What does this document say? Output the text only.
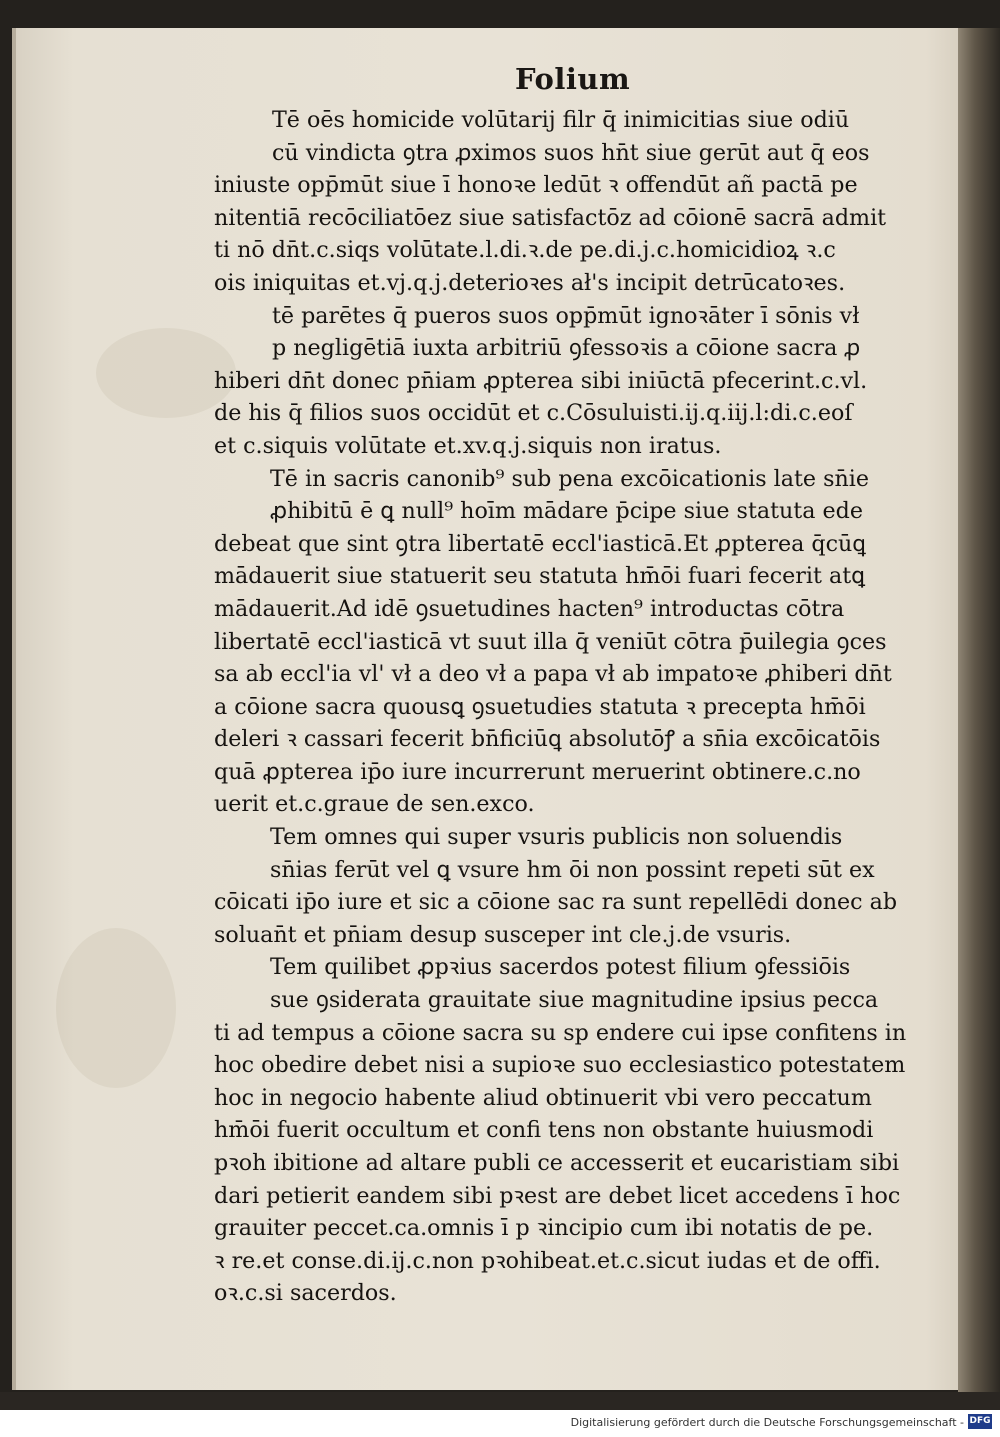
Folium
Tē oēs homicide volūtarij filr q̄ inimicitias siue odiū
cū vindicta ꝯtra ꝓximos suos hn̄t siue gerūt aut q̄ eos
iniuste opp̄mūt siue ī honoꝛe ledūt ꝛ offendūt añ pactā pe
nitentiā recōciliatōez siue satisfactōz ad cōionē sacrā admit
ti nō dn̄t.c.siqs volūtate.l.di.ꝛ.de pe.di.j.c.homicidioꝝ ꝛ.c
ois iniquitas et.vj.q.j.deterioꝛes ał's incipit detrūcatoꝛes.
tē parētes q̄ pueros suos opp̄mūt ignoꝛāter ī sōnis vł
p negligētiā iuxta arbitriū ꝯfessoꝛis a cōione sacra ꝓ
hiberi dn̄t donec pn̄iam ꝓpterea sibi iniūctā pfecerint.c.vl.
de his q̄ filios suos occidūt et c.Cōsuluisti.ij.q.iij.l:di.c.eoſ
et c.siquis volūtate et.xv.q.j.siquis non iratus.
Tē in sacris canonib⁹ sub pena excōicationis late sn̄ie
ꝓhibitū ē ꝗ null⁹ hoīm mādare p̄cipe siue statuta ede
debeat que sint ꝯtra libertatē eccl'iasticā.Et ꝓpterea q̄cūꝗ
mādauerit siue statuerit seu statuta hm̄ōi fuari fecerit atꝗ
mādauerit.Ad idē ꝯsuetudines hacten⁹ introductas cōtra
libertatē eccl'iasticā vt suut illa q̄ veniūt cōtra p̄uilegia ꝯces
sa ab eccl'ia vl' vł a deo vł a papa vł ab impatoꝛe ꝓhiberi dn̄t
a cōione sacra quousꝗ ꝯsuetudies statuta ꝛ precepta hm̄ōi
deleri ꝛ cassari fecerit bn̄ficiūꝗ absolutōꝭ a sn̄ia excōicatōis
quā ꝓpterea ip̄o iure incurrerunt meruerint obtinere.c.no
uerit et.c.graue de sen.exco.
Tem omnes qui super vsuris publicis non soluendis
sn̄ias ferūt vel ꝗ vsure hm ōi non possint repeti sūt ex
cōicati ip̄o iure et sic a cōione sac ra sunt repellēdi donec ab
soluan̄t et pn̄iam desup susceper int cle.j.de vsuris.
Tem quilibet ꝓpꝛius sacerdos potest filium ꝯfessiōis
sue ꝯsiderata grauitate siue magnitudine ipsius pecca
ti ad tempus a cōione sacra su sp endere cui ipse confitens in
hoc obedire debet nisi a supioꝛe suo ecclesiastico potestatem
hoc in negocio habente aliud obtinuerit vbi vero peccatum
hm̄ōi fuerit occultum et confi tens non obstante huiusmodi
pꝛoh ibitione ad altare publi ce accesserit et eucaristiam sibi
dari petierit eandem sibi pꝛest are debet licet accedens ī hoc
grauiter peccet.ca.omnis ī p ꝛincipio cum ibi notatis de pe.
ꝛ re.et conse.di.ij.c.non pꝛohibeat.et.c.sicut iudas et de offi.
oꝛ.c.si sacerdos.
Digitalisierung gefördert durch die Deutsche Forschungsgemeinschaft - DFG
